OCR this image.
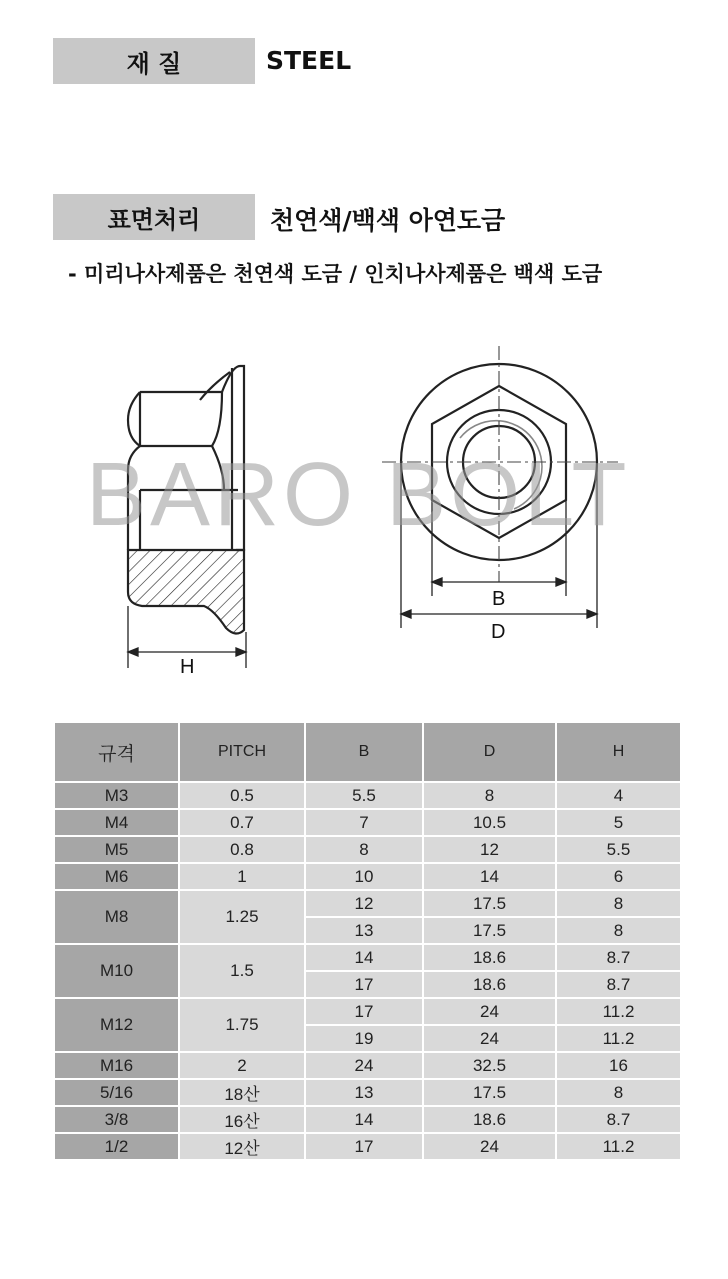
재 질	STEEL
표면처리	천연색/백색 아연도금
- 미리나사제품은 천연색 도금 / 인치나사제품은 백색 도금
H
B
D
BARO BOLT
규격	PITCH	B	D	H
M3	0.5	5.5	8	4
M4	0.7	7	10.5	5
M5	0.8	8	12	5.5
M6	1	10	14	6
M8	1.25	12	17.5	8
		13	17.5	8
M10	1.5	14	18.6	8.7
		17	18.6	8.7
M12	1.75	17	24	11.2
		19	24	11.2
M16	2	24	32.5	16
5/16	18산	13	17.5	8
3/8	16산	14	18.6	8.7
1/2	12산	17	24	11.2
